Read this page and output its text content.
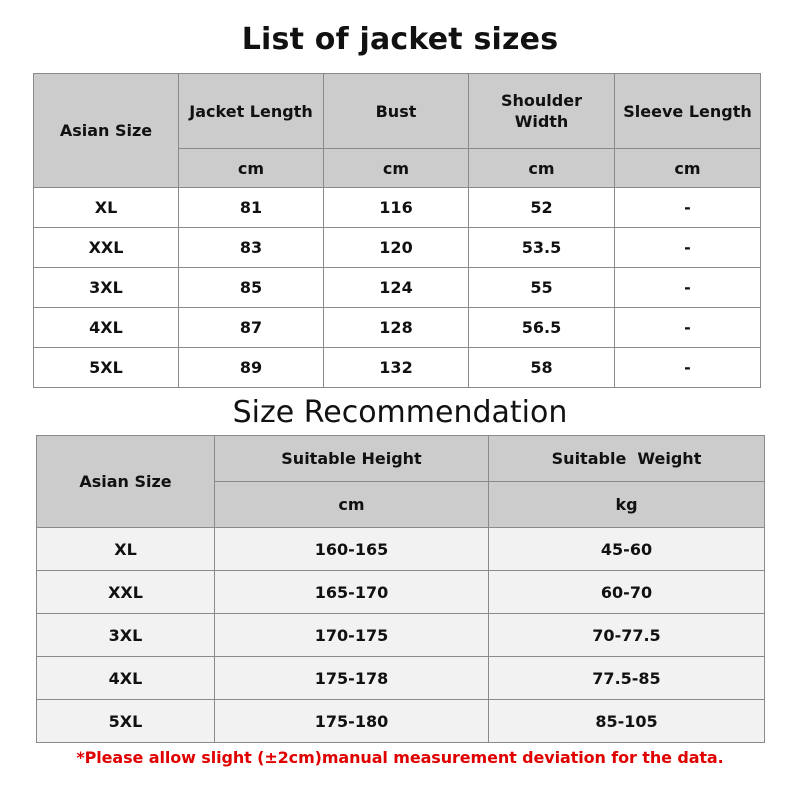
List of jacket sizes
Asian Size	Jacket Length	Bust	Shoulder Width	Sleeve Length
	cm	cm	cm	cm
XL	81	116	52	-
XXL	83	120	53.5	-
3XL	85	124	55	-
4XL	87	128	56.5	-
5XL	89	132	58	-
Size Recommendation
Asian Size	Suitable Height	Suitable  Weight
	cm	kg
XL	160-165	45-60
XXL	165-170	60-70
3XL	170-175	70-77.5
4XL	175-178	77.5-85
5XL	175-180	85-105
*Please allow slight (±2cm)manual measurement deviation for the data.
